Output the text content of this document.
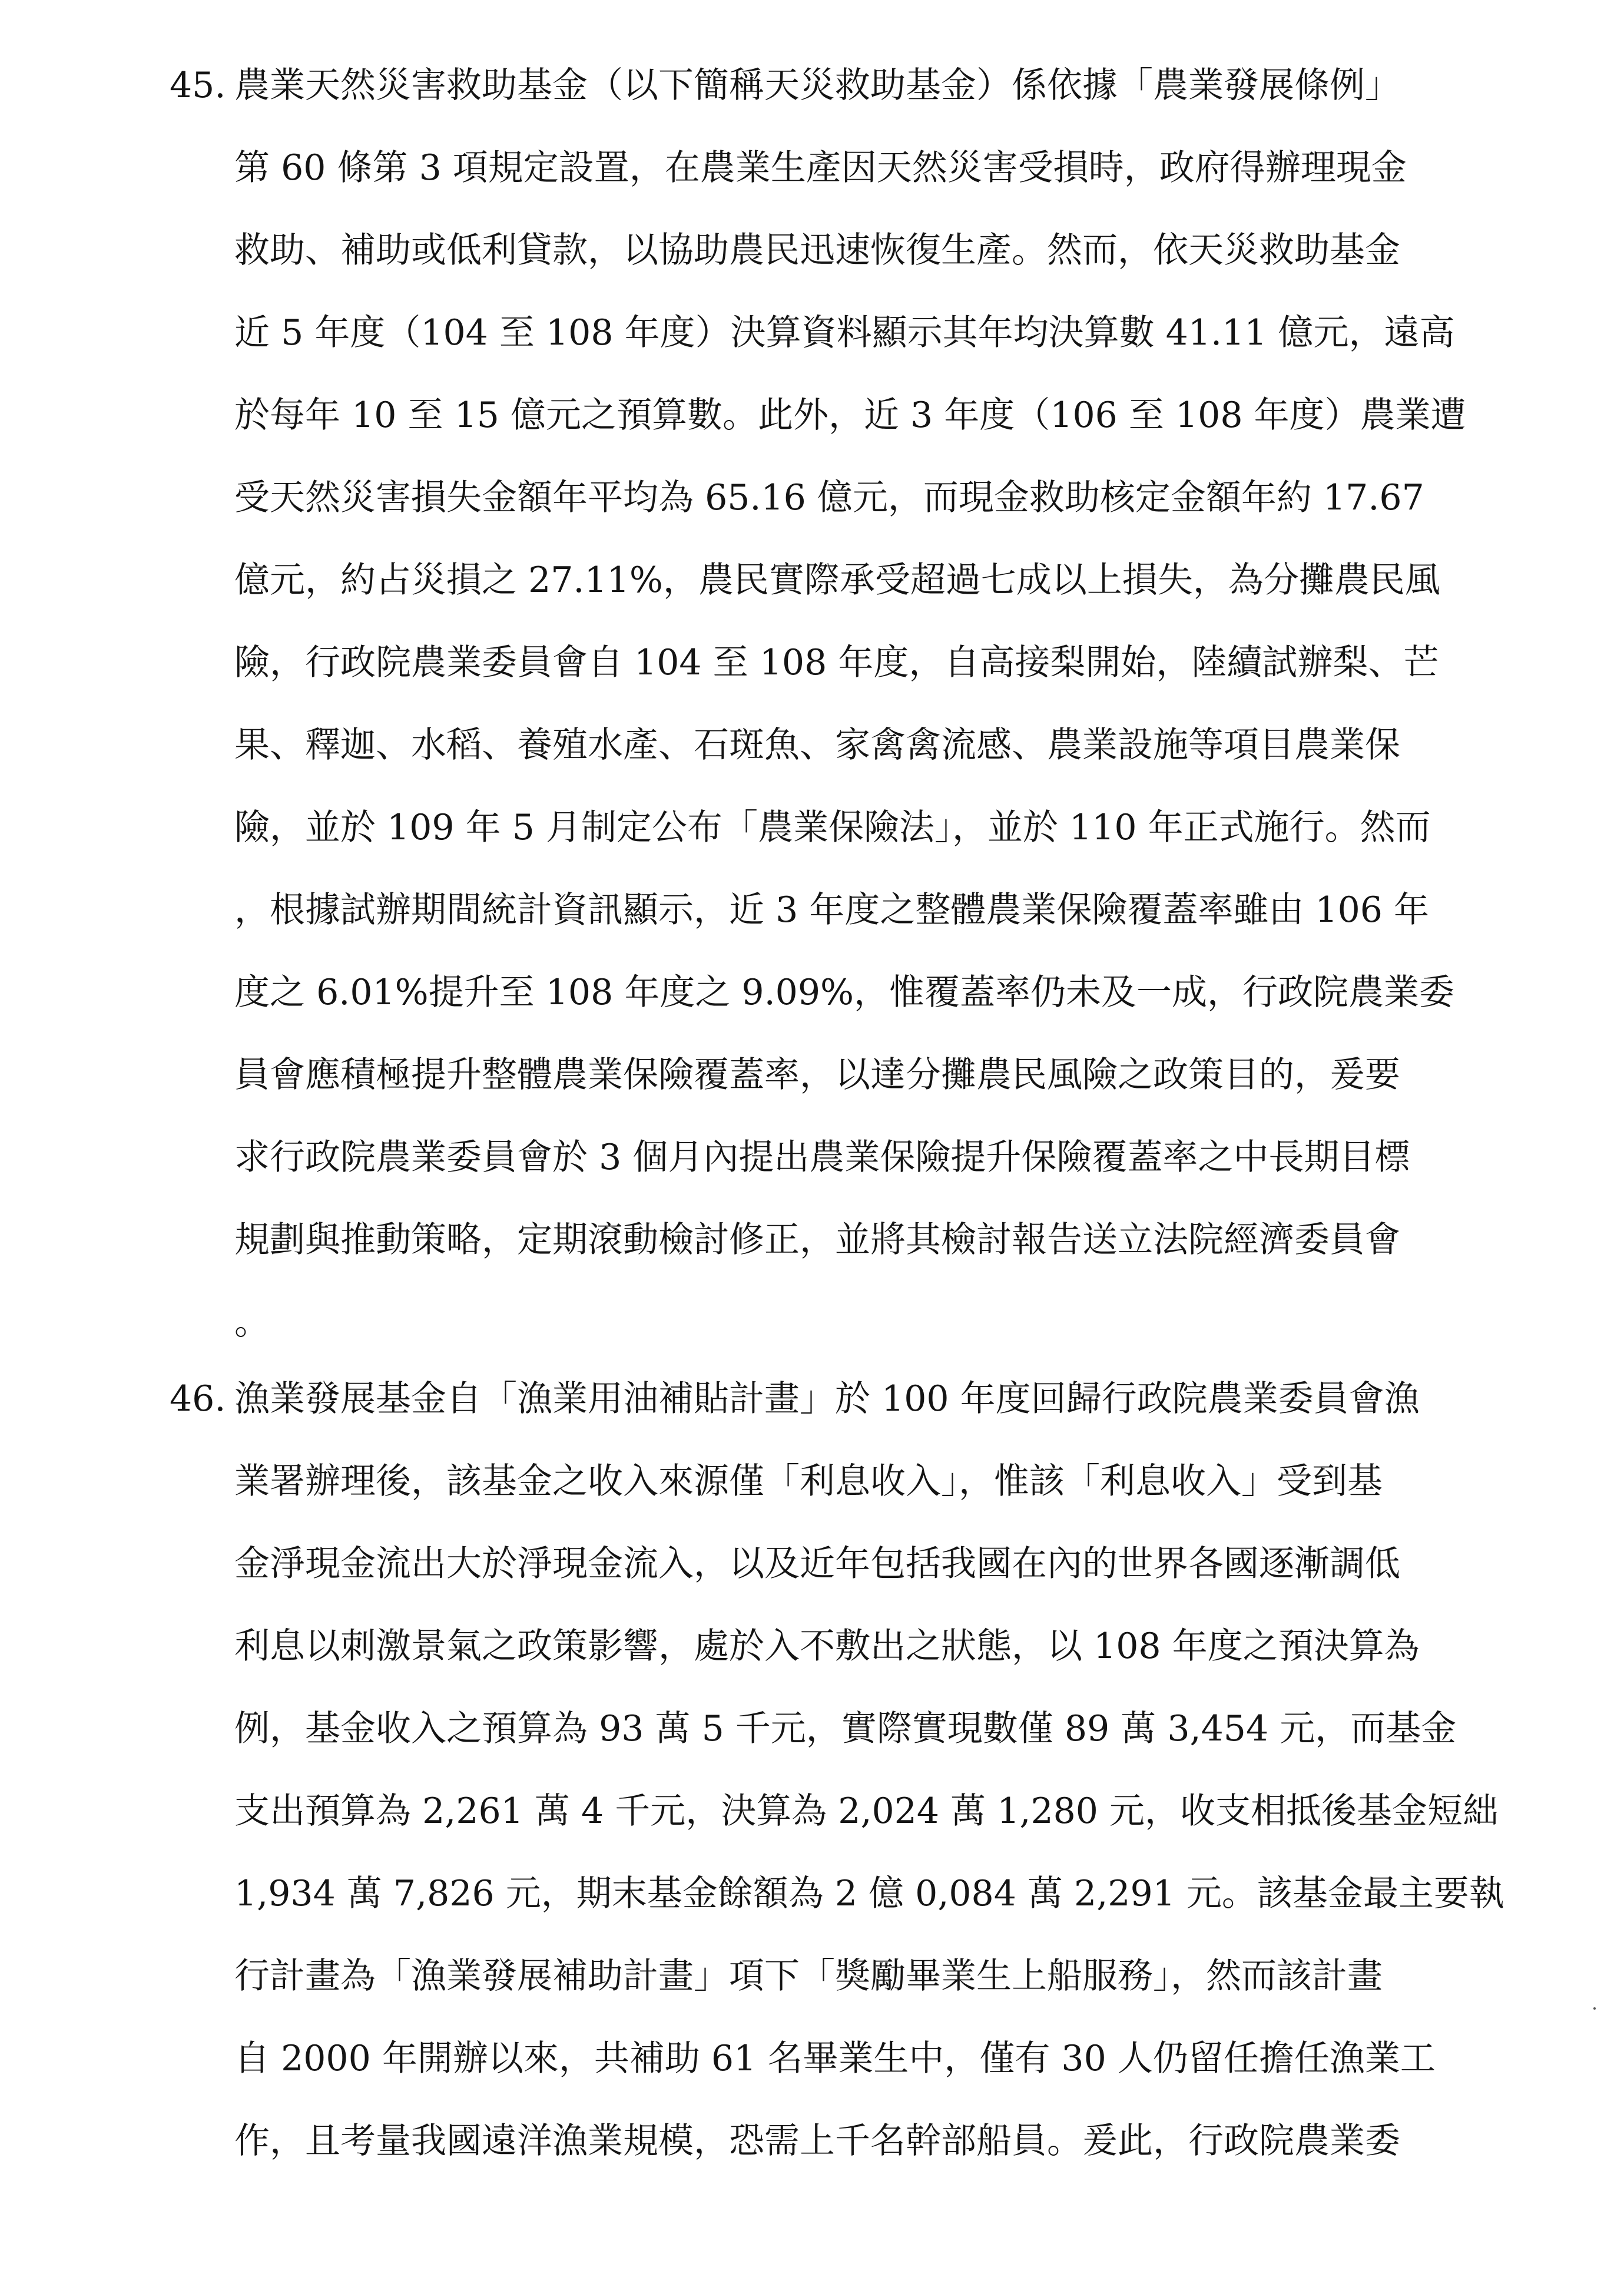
45. 農業天然災害救助基金（以下簡稱天災救助基金）係依據「農業發展條例」
第 60 條第 3 項規定設置，在農業生產因天然災害受損時，政府得辦理現金
救助、補助或低利貸款，以協助農民迅速恢復生產。然而，依天災救助基金
近 5 年度（104 至 108 年度）決算資料顯示其年均決算數 41.11 億元，遠高
於每年 10 至 15 億元之預算數。此外，近 3 年度（106 至 108 年度）農業遭
受天然災害損失金額年平均為 65.16 億元，而現金救助核定金額年約 17.67
億元，約占災損之 27.11%，農民實際承受超過七成以上損失，為分攤農民風
險，行政院農業委員會自 104 至 108 年度，自高接梨開始，陸續試辦梨、芒
果、釋迦、水稻、養殖水產、石斑魚、家禽禽流感、農業設施等項目農業保
險，並於 109 年 5 月制定公布「農業保險法」，並於 110 年正式施行。然而
，根據試辦期間統計資訊顯示，近 3 年度之整體農業保險覆蓋率雖由 106 年
度之 6.01%提升至 108 年度之 9.09%，惟覆蓋率仍未及一成，行政院農業委
員會應積極提升整體農業保險覆蓋率，以達分攤農民風險之政策目的，爰要
求行政院農業委員會於 3 個月內提出農業保險提升保險覆蓋率之中長期目標
規劃與推動策略，定期滾動檢討修正，並將其檢討報告送立法院經濟委員會
。
46. 漁業發展基金自「漁業用油補貼計畫」於 100 年度回歸行政院農業委員會漁
業署辦理後，該基金之收入來源僅「利息收入」，惟該「利息收入」受到基
金淨現金流出大於淨現金流入，以及近年包括我國在內的世界各國逐漸調低
利息以刺激景氣之政策影響，處於入不敷出之狀態，以 108 年度之預決算為
例，基金收入之預算為 93 萬 5 千元，實際實現數僅 89 萬 3,454 元，而基金
支出預算為 2,261 萬 4 千元，決算為 2,024 萬 1,280 元，收支相抵後基金短絀
1,934 萬 7,826 元，期末基金餘額為 2 億 0,084 萬 2,291 元。該基金最主要執
行計畫為「漁業發展補助計畫」項下「獎勵畢業生上船服務」，然而該計畫
自 2000 年開辦以來，共補助 61 名畢業生中，僅有 30 人仍留任擔任漁業工
作，且考量我國遠洋漁業規模，恐需上千名幹部船員。爰此，行政院農業委
